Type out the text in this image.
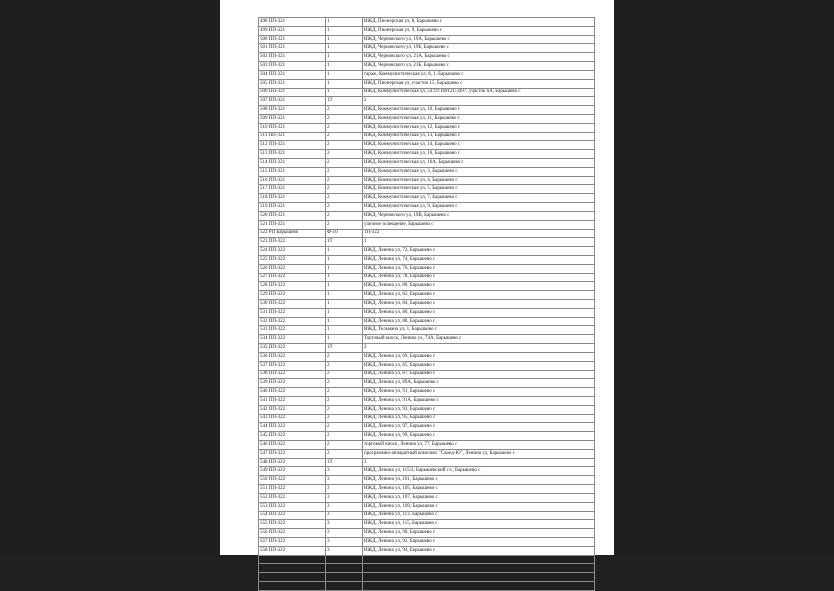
498 ПП-321	1	ИЖД, Пионерская ул, 8, Барышево с
499 ПП-321	1	ИЖД, Пионерская ул, 9, Барышево с
500 ПП-321	1	ИЖД, Черновского ул, 19А, Барышево с
501 ПП-321	1	ИЖД, Черновского ул, 19Б, Барышево с
502 ПП-321	1	ИЖД, Черновского ул, 21А, Барышево с
503 ПП-321	1	ИЖД, Черновского ул, 21Б, Барышево с
504 ПП-321	1	гараж, Коммунистическая ул, 8, 1, Барышево с
505 ПП-321	1	ИЖД, Пионерская ул, участок 15, Барышево с
506 ПП-321	1	ИЖД, Коммунистическая ул, 54:19:160121:3497, участок 6А, Барышево с
507 ПП-321	1Т	2
508 ПП-321	2	ИЖД, Коммунистическая ул, 10, Барышево с
509 ПП-321	2	ИЖД, Коммунистическая ул, 11, Барышево с
510 ПП-321	2	ИЖД, Коммунистическая ул, 12, Барышево с
511 ПП-321	2	ИЖД, Коммунистическая ул, 13, Барышево с
512 ПП-321	2	ИЖД, Коммунистическая ул, 14, Барышево с
513 ПП-321	2	ИЖД, Коммунистическая ул, 16, Барышево с
514 ПП-321	2	ИЖД, Коммунистическая ул, 16А, Барышево с
515 ПП-321	2	ИЖД, Коммунистическая ул, 3, Барышево с
516 ПП-321	2	ИЖД, Коммунистическая ул, 4, Барышево с
517 ПП-321	2	ИЖД, Коммунистическая ул, 5, Барышево с
518 ПП-321	2	ИЖД, Коммунистическая ул, 7, Барышево с
519 ПП-321	2	ИЖД, Коммунистическая ул, 9, Барышево с
520 ПП-321	2	ИЖД, Черновского ул, 19В, Барышево с
521 ПП-321	2	уличное освещение, Барышево с
522 РП Барышево	Ф-10	1П-322
523 ПП-322	1Т	1
524 ПП-322	1	ИЖД, Ленина ул, 72, Барышево с
525 ПП-322	1	ИЖД, Ленина ул, 74, Барышево с
526 ПП-322	1	ИЖД, Ленина ул, 76, Барышево с
527 ПП-322	1	ИЖД, Ленина ул, 78, Барышево с
528 ПП-322	1	ИЖД, Ленина ул, 80, Барышево с
529 ПП-322	1	ИЖД, Ленина ул, 82, Барышево с
530 ПП-322	1	ИЖД, Ленина ул, 84, Барышево с
531 ПП-322	1	ИЖД, Ленина ул, 86, Барышево с
532 ПП-322	1	ИЖД, Ленина ул, 88, Барышево с
533 ПП-322	1	ИЖД, Тельмана ул, 1, Барышево с
534 ПП-322	1	Торговый киоск, Ленина ул, 74А, Барышево с
535 ПП-322	1Т	2
536 ПП-322	2	ИЖД, Ленина ул, 69, Барышево с
537 ПП-322	2	ИЖД, Ленина ул, 85, Барышево с
538 ПП-322	2	ИЖД, Ленина ул, 87, Барышево с
539 ПП-322	2	ИЖД, Ленина ул, 89А, Барышево с
540 ПП-322	2	ИЖД, Ленина ул, 91, Барышево с
541 ПП-322	2	ИЖД, Ленина ул, 91А, Барышево с
542 ПП-322	2	ИЖД, Ленина ул, 93, Барышево с
543 ПП-322	2	ИЖД, Ленина ул, 95, Барышево с
544 ПП-322	2	ИЖД, Ленина ул, 97, Барышево с
545 ПП-322	2	ИЖД, Ленина ул, 99, Барышево с
546 ПП-322	2	торговый киоск, Ленина ул, 77, Барышево с
547 ПП-322	2	программно-аппаратный комплекс "Скоед-Ю", Ленина ул, Барышево с
548 ПП-322	1Т	3
549 ПП-322	3	ИЖД, Ленина ул, 115/2, Барышевский с/с, Барышево с
550 ПП-322	3	ИЖД, Ленина ул, 101, Барышево с
551 ПП-322	3	ИЖД, Ленина ул, 105, Барышево с
552 ПП-322	3	ИЖД, Ленина ул, 107, Барышево с
553 ПП-322	3	ИЖД, Ленина ул, 109, Барышево с
554 ПП-322	3	ИЖД, Ленина ул, 113, Барышево с
555 ПП-322	3	ИЖД, Ленина ул, 115, Барышево с
556 ПП-322	3	ИЖД, Ленина ул, 90, Барышево с
557 ПП-322	3	ИЖД, Ленина ул, 92, Барышево с
558 ПП-322	3	ИЖД, Ленина ул, 94, Барышево с
559 ПП-322	3	ИЖД, Ленина ул, 96, Барышево с
560 ПП-322	3	ИЖД, Ленина ул, 98, Барышево с
561 ПП-322	3	уличное освещение, Барышево с
562 ПП-322	3	Антенна
